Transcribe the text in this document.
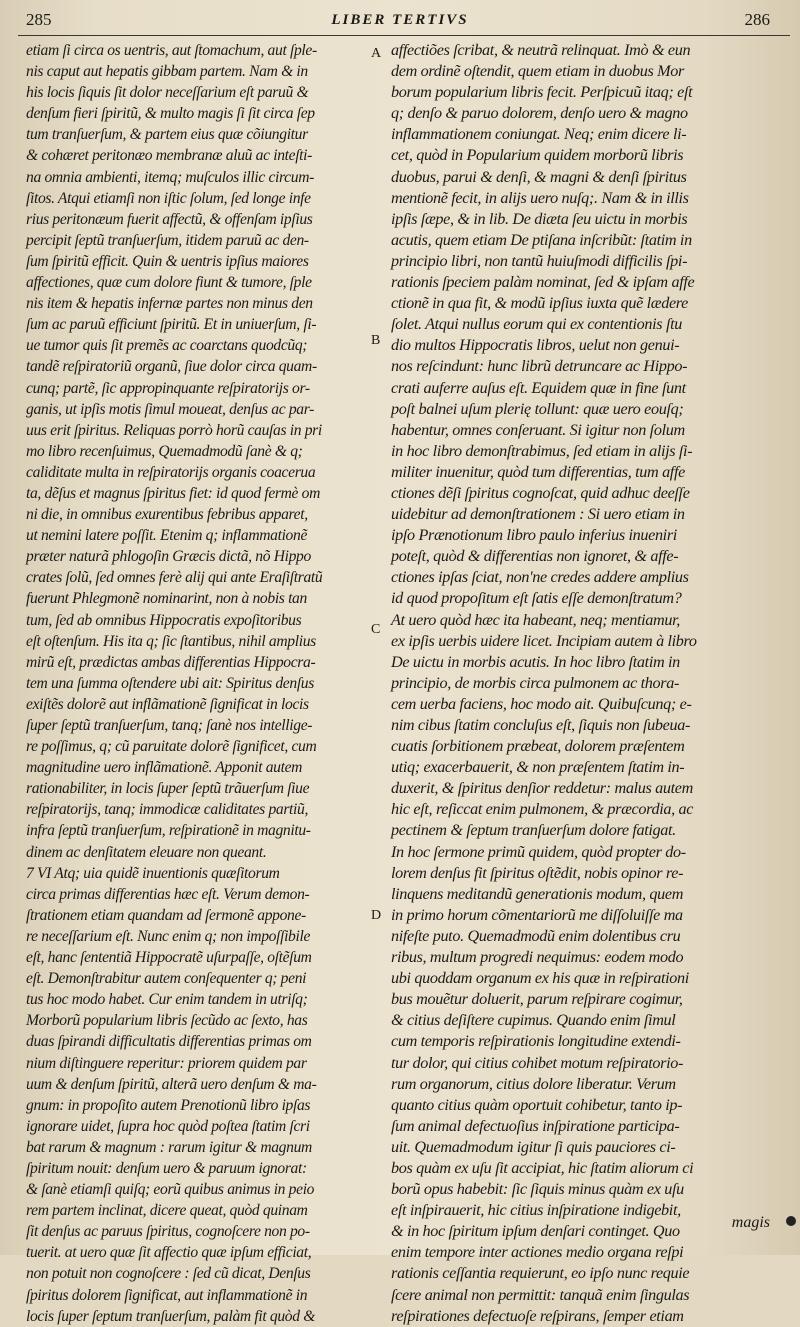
285	LIBER TERTIVS	286
etiam ſi circa os uentris, aut ſtomachum, aut ſple-
nis caput aut hepatis gibbam partem. Nam & in
his locis ſiquis ſit dolor neceſſarium eſt paruũ &
denſum fieri ſpiritũ, & multo magis ſi ſit circa ſep
tum tranſuerſum, & partem eius quæ cõiungitur
& cohæret peritonæo membranæ aluũ ac inteſti-
na omnia ambienti, itemq; muſculos illic circum-
ſitos. Atqui etiamſi non iſtic ſolum, ſed longe infe
rius peritonæum fuerit affectũ, & offenſam ipſius
percipit ſeptũ tranſuerſum, itidem paruũ ac den-
ſum ſpiritũ efficit. Quin & uentris ipſius maiores
affectiones, quæ cum dolore fiunt & tumore, ſple
nis item & hepatis infernæ partes non minus den
ſum ac paruũ efficiunt ſpiritũ. Et in uniuerſum, ſi-
ue tumor quis ſit premẽs ac coarctans quodcũq;
tandẽ reſpiratoriũ organũ, ſiue dolor circa quam-
cunq; partẽ, ſic appropinquante reſpiratorijs or-
ganis, ut ipſis motis ſimul moueat, denſus ac par-
uus erit ſpiritus. Reliquas porrò horũ cauſas in pri
mo libro recenſuimus, Quemadmodũ ſanè & q;
caliditate multa in reſpiratorijs organis coacerua
ta, dẽſus et magnus ſpiritus fiet: id quod fermè om
ni die, in omnibus exurentibus febribus apparet,
ut nemini latere poſſit. Etenim q; inflammationẽ
præter naturã phlogoſin Græcis dictã, nõ Hippo
crates ſolũ, ſed omnes ferè alij qui ante Eraſiſtratũ
fuerunt Phlegmonẽ nominarint, non à nobis tan
tum, ſed ab omnibus Hippocratis expoſitoribus
eſt oſtenſum. His ita q; ſic ſtantibus, nihil amplius
mirũ eſt, prædictas ambas differentias Hippocra-
tem una ſumma oſtendere ubi ait: Spiritus denſus
exiſtẽs dolorẽ aut inflãmationẽ ſignificat in locis
ſuper ſeptũ tranſuerſum, tanq; ſanè nos intellige-
re poſſimus, q; cũ paruitate dolorẽ ſignificet, cum
magnitudine uero inflãmationẽ. Apponit autem
rationabiliter, in locis ſuper ſeptũ trãuerſum ſiue
reſpiratorijs, tanq; immodicæ caliditates partiũ,
infra ſeptũ tranſuerſum, reſpirationẽ in magnitu-
dinem ac denſitatem eleuare non queant.
7 VI Atq; uia quidẽ inuentionis quæſitorum
circa primas differentias hæc eſt. Verum demon-
ſtrationem etiam quandam ad ſermonẽ appone-
re neceſſarium eſt. Nunc enim q; non impoſſibile
eſt, hanc ſententiã Hippocratẽ uſurpaſſe, oſtẽſum
eſt. Demonſtrabitur autem conſequenter q; peni
tus hoc modo habet. Cur enim tandem in utriſq;
Morborũ popularium libris ſecũdo ac ſexto, has
duas ſpirandi difficultatis differentias primas om
nium diſtinguere reperitur: priorem quidem par
uum & denſum ſpiritũ, alterã uero denſum & ma-
gnum: in propoſito autem Prenotionũ libro ipſas
ignorare uidet, ſupra hoc quòd poſtea ſtatim ſcri
bat rarum & magnum : rarum igitur & magnum
ſpiritum nouit: denſum uero & paruum ignorat:
& ſanè etiamſi quiſq; eorũ quibus animus in peio
rem partem inclinat, dicere queat, quòd quinam
ſit denſus ac paruus ſpiritus, cognoſcere non po-
tuerit. at uero quæ ſit affectio quæ ipſum efficiat,
non potuit non cognoſcere : ſed cũ dicat, Denſus
ſpiritus dolorem ſignificat, aut inflammationẽ in
locis ſuper ſeptum tranſuerſum, palàm fit quòd &
A
B
C
D
affectiões ſcribat, & neutrã relinquat. Imò & eun
dem ordinẽ oſtendit, quem etiam in duobus Mor
borum popularium libris fecit. Perſpicuũ itaq; eſt
q; denſo & paruo dolorem, denſo uero & magno
inflammationem coniungat. Neq; enim dicere li-
cet, quòd in Popularium quidem morborũ libris
duobus, parui & denſi, & magni & denſi ſpiritus
mentionẽ fecit, in alijs uero nuſq;. Nam & in illis
ipſis ſæpe, & in lib. De diæta ſeu uictu in morbis
acutis, quem etiam De ptiſana inſcribũt: ſtatim in
principio libri, non tantũ huiuſmodi difficilis ſpi-
rationis ſpeciem palàm nominat, ſed & ipſam affe
ctionẽ in qua fit, & modũ ipſius iuxta quẽ lædere
ſolet. Atqui nullus eorum qui ex contentionis ſtu
dio multos Hippocratis libros, uelut non genui-
nos reſcindunt: hunc librũ detruncare ac Hippo-
crati auferre auſus eſt. Equidem quæ in fine ſunt
poſt balnei uſum plerię tollunt: quæ uero eouſq;
habentur, omnes conſeruant. Si igitur non ſolum
in hoc libro demonſtrabimus, ſed etiam in alijs ſi-
militer inuenitur, quòd tum differentias, tum affe
ctiones dẽſi ſpiritus cognoſcat, quid adhuc deeſſe
uidebitur ad demonſtrationem : Si uero etiam in
ipſo Prænotionum libro paulo inferius inueniri
poteſt, quòd & differentias non ignoret, & affe-
ctiones ipſas ſciat, non'ne credes addere amplius
id quod propoſitum eſt ſatis eſſe demonſtratum?
At uero quòd hæc ita habeant, neq; mentiamur,
ex ipſis uerbis uidere licet. Incipiam autem à libro
De uictu in morbis acutis. In hoc libro ſtatim in
principio, de morbis circa pulmonem ac thora-
cem uerba faciens, hoc modo ait. Quibuſcunq; e-
nim cibus ſtatim concluſus eſt, ſiquis non ſubeua-
cuatis ſorbitionem præbeat, dolorem præſentem
utiq; exacerbauerit, & non præſentem ſtatim in-
duxerit, & ſpiritus denſior reddetur: malus autem
hic eſt, reſiccat enim pulmonem, & præcordia, ac
pectinem & ſeptum tranſuerſum dolore fatigat.
In hoc ſermone primũ quidem, quòd propter do-
lorem denſus fit ſpiritus oſtẽdit, nobis opinor re-
linquens meditandũ generationis modum, quem
in primo horum cõmentariorũ me diſſoluiſſe ma
nifeſte puto. Quemadmodũ enim dolentibus cru
ribus, multum progredi nequimus: eodem modo
ubi quoddam organum ex his quæ in reſpirationi
bus mouẽtur doluerit, parum reſpirare cogimur,
& citius deſiſtere cupimus. Quando enim ſimul
cum temporis reſpirationis longitudine extendi-
tur dolor, qui citius cohibet motum reſpiratorio-
rum organorum, citius dolore liberatur. Verum
quanto citius quàm oportuit cohibetur, tanto ip-
ſum animal defectuoſius inſpiratione participa-
uit. Quemadmodum igitur ſi quis pauciores ci-
bos quàm ex uſu ſit accipiat, hic ſtatim aliorum ci
borũ opus habebit: ſic ſiquis minus quàm ex uſu
eſt inſpirauerit, hic citius inſpiratione indigebit,
& in hoc ſpiritum ipſum denſari continget. Quo
enim tempore inter actiones medio organa reſpi
rationis ceſſantia requierunt, eo ipſo nunc requie
ſcere animal non permittit: tanquã enim ſingulas
reſpirationes defectuoſe reſpirans, ſemper etiam
magis
